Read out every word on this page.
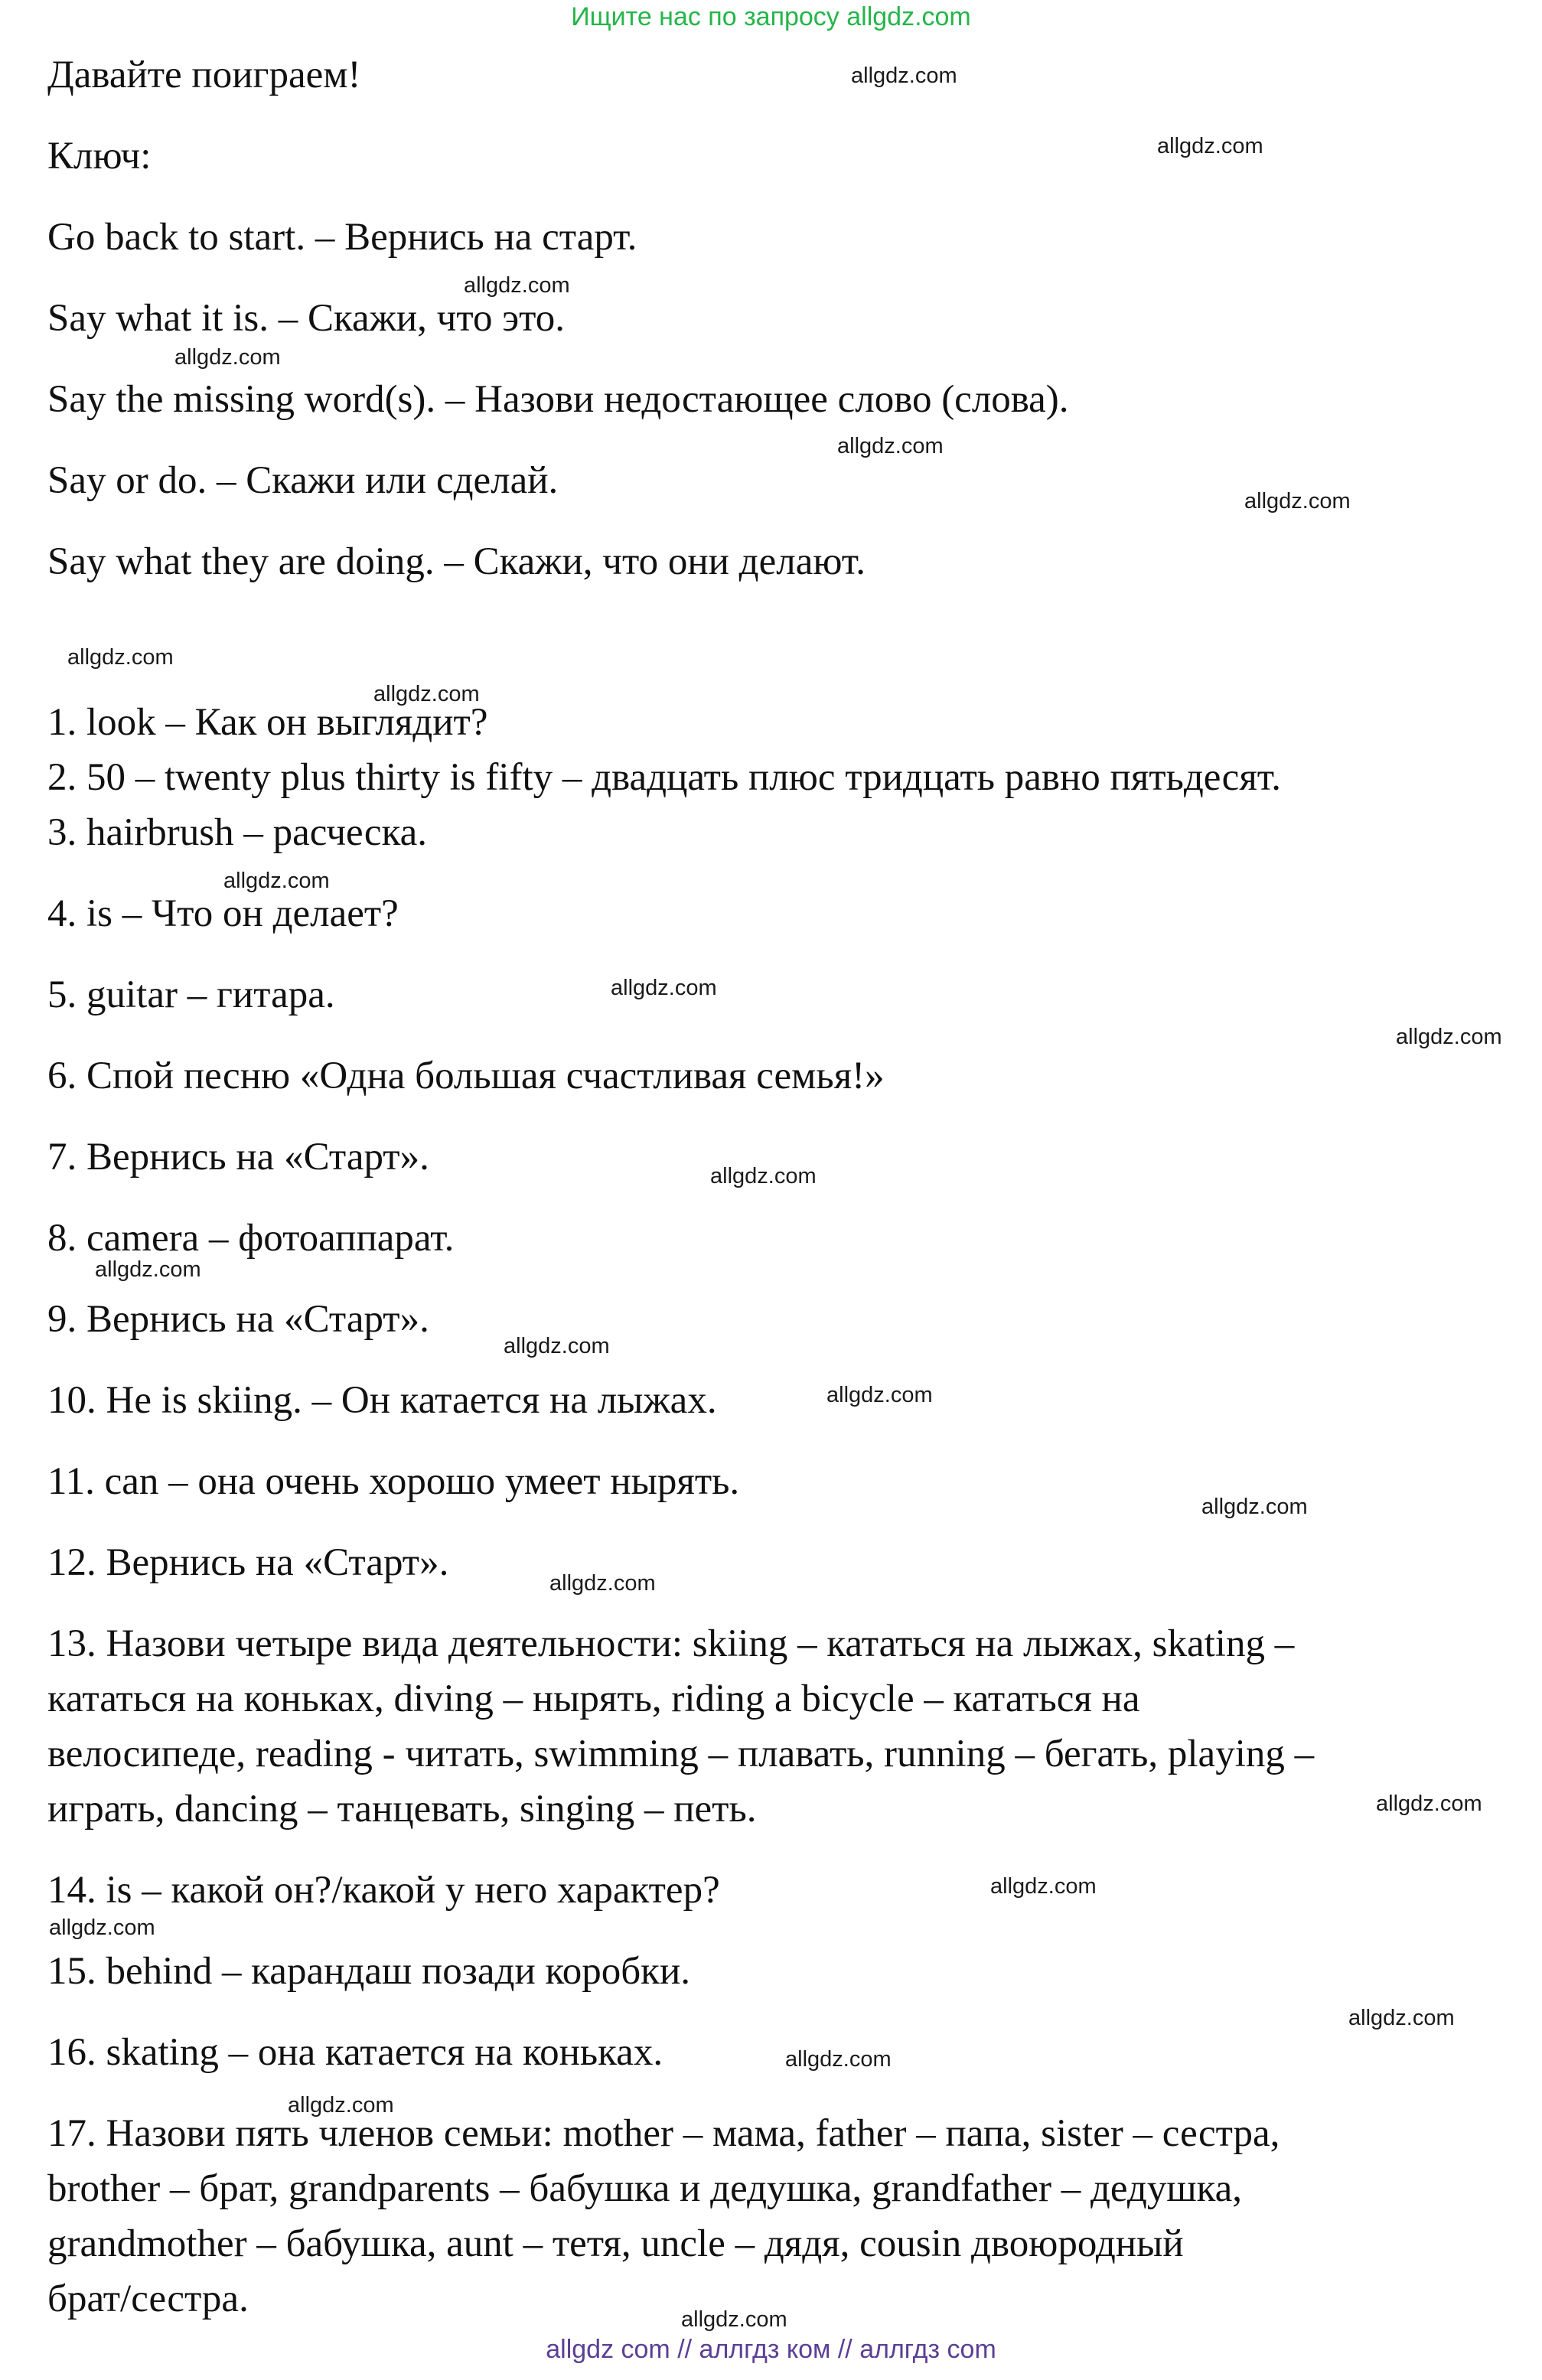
Ищите нас по запросу allgdz.com
Давайте поиграем!
Ключ:
Go back to start. – Вернись на старт.
Say what it is. – Скажи, что это.
Say the missing word(s). – Назови недостающее слово (слова).
Say or do. – Скажи или сделай.
Say what they are doing. – Скажи, что они делают.
1. look – Как он выглядит?
2. 50 – twenty plus thirty is fifty – двадцать плюс тридцать равно пятьдесят.
3. hairbrush – расческа.
4. is – Что он делает?
5. guitar – гитара.
6. Спой песню «Одна большая счастливая семья!»
7. Вернись на «Старт».
8. camera – фотоаппарат.
9. Вернись на «Старт».
10. He is skiing. – Он катается на лыжах.
11. can – она очень хорошо умеет нырять.
12. Вернись на «Старт».
13. Назови четыре вида деятельности: skiing – кататься на лыжах, skating –
кататься на коньках, diving – нырять, riding a bicycle – кататься на
велосипеде, reading - читать, swimming – плавать, running – бегать, playing –
играть, dancing – танцевать, singing – петь.
14. is – какой он?/какой у него характер?
15. behind – карандаш позади коробки.
16. skating – она катается на коньках.
17. Назови пять членов семьи: mother – мама, father – папа, sister – сестра,
brother – брат, grandparents – бабушка и дедушка, grandfather – дедушка,
grandmother – бабушка, aunt – тетя, uncle – дядя, cousin двоюродный
брат/сестра.
allgdz.com
allgdz.com
allgdz.com
allgdz.com
allgdz.com
allgdz.com
allgdz.com
allgdz.com
allgdz.com
allgdz.com
allgdz.com
allgdz.com
allgdz.com
allgdz.com
allgdz.com
allgdz.com
allgdz.com
allgdz.com
allgdz.com
allgdz.com
allgdz.com
allgdz.com
allgdz.com
allgdz.com
allgdz com // аллгдз ком // аллгдз com
